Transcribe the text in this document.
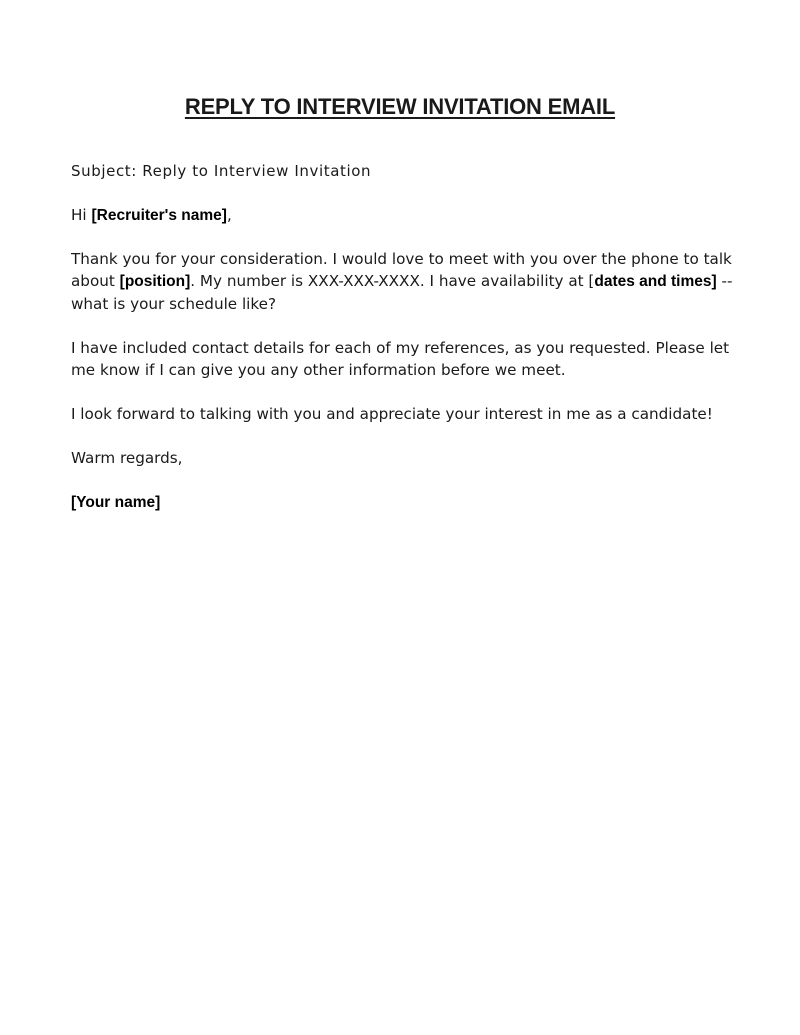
REPLY TO INTERVIEW INVITATION EMAIL

Subject: Reply to Interview Invitation

Hi [Recruiter's name],

Thank you for your consideration. I would love to meet with you over the phone to talk about [position]. My number is XXX-XXX-XXXX. I have availability at [dates and times] -- what is your schedule like?

I have included contact details for each of my references, as you requested. Please let me know if I can give you any other information before we meet.

I look forward to talking with you and appreciate your interest in me as a candidate!

Warm regards,

[Your name]
